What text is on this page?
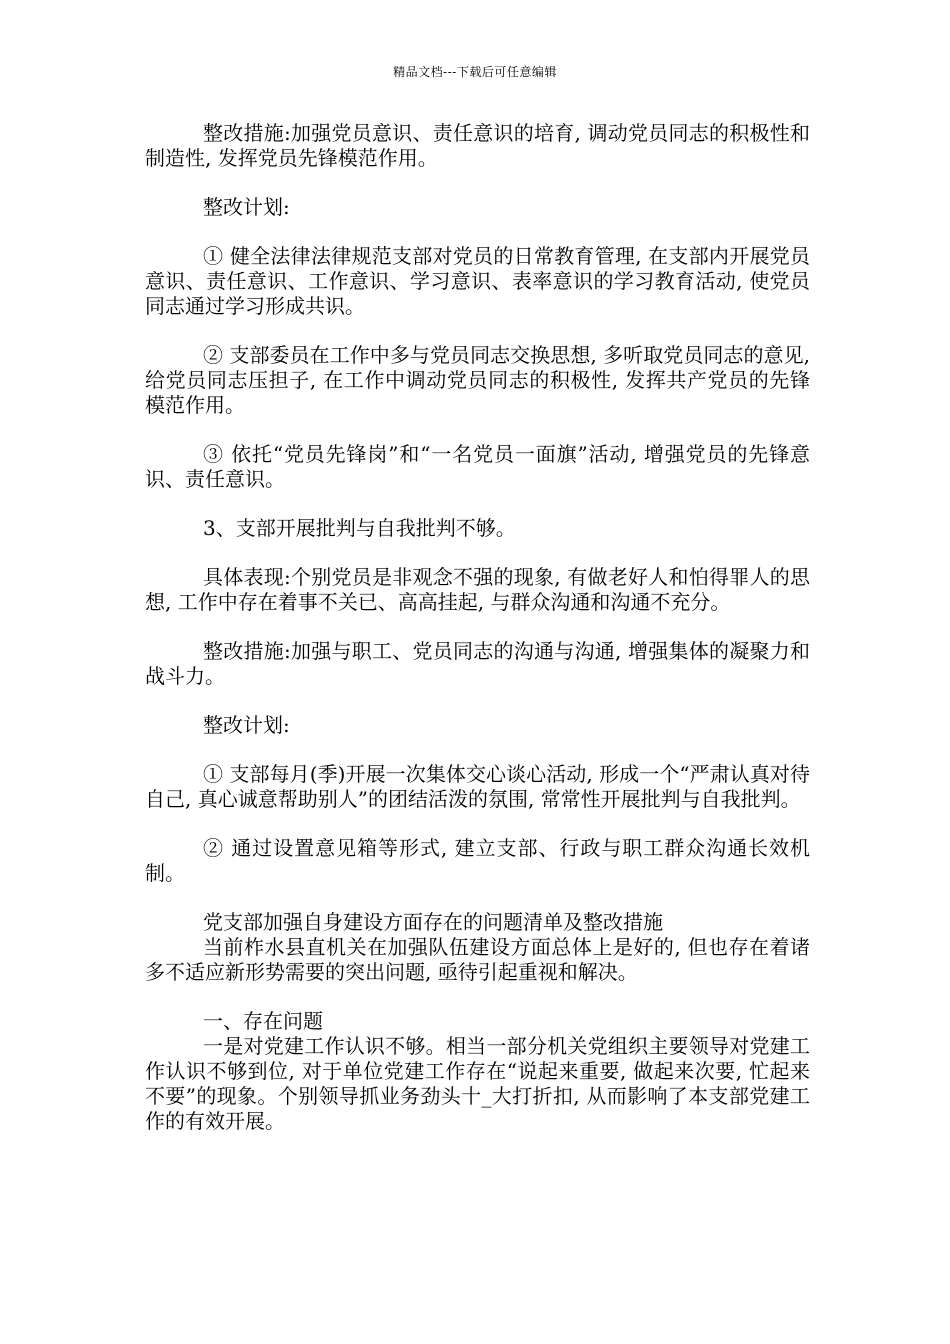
精品文档---下载后可任意编辑

整改措施:加强党员意识、责任意识的培育, 调动党员同志的积极性和制造性, 发挥党员先锋模范作用。

整改计划:

① 健全法律法律规范支部对党员的日常教育管理, 在支部内开展党员意识、责任意识、工作意识、学习意识、表率意识的学习教育活动, 使党员同志通过学习形成共识。

② 支部委员在工作中多与党员同志交换思想, 多听取党员同志的意见, 给党员同志压担子, 在工作中调动党员同志的积极性, 发挥共产党员的先锋模范作用。

③ 依托“党员先锋岗”和“一名党员一面旗”活动, 增强党员的先锋意识、责任意识。

3、支部开展批判与自我批判不够。

具体表现:个别党员是非观念不强的现象, 有做老好人和怕得罪人的思想, 工作中存在着事不关已、高高挂起, 与群众沟通和沟通不充分。

整改措施:加强与职工、党员同志的沟通与沟通, 增强集体的凝聚力和战斗力。

整改计划:

① 支部每月(季)开展一次集体交心谈心活动, 形成一个“严肃认真对待自己, 真心诚意帮助别人”的团结活泼的氛围, 常常性开展批判与自我批判。

② 通过设置意见箱等形式, 建立支部、行政与职工群众沟通长效机制。

党支部加强自身建设方面存在的问题清单及整改措施

当前柞水县直机关在加强队伍建设方面总体上是好的, 但也存在着诸多不适应新形势需要的突出问题, 亟待引起重视和解决。

一、存在问题

一是对党建工作认识不够。相当一部分机关党组织主要领导对党建工作认识不够到位, 对于单位党建工作存在“说起来重要, 做起来次要, 忙起来不要”的现象。个别领导抓业务劲头十_大打折扣, 从而影响了本支部党建工作的有效开展。
